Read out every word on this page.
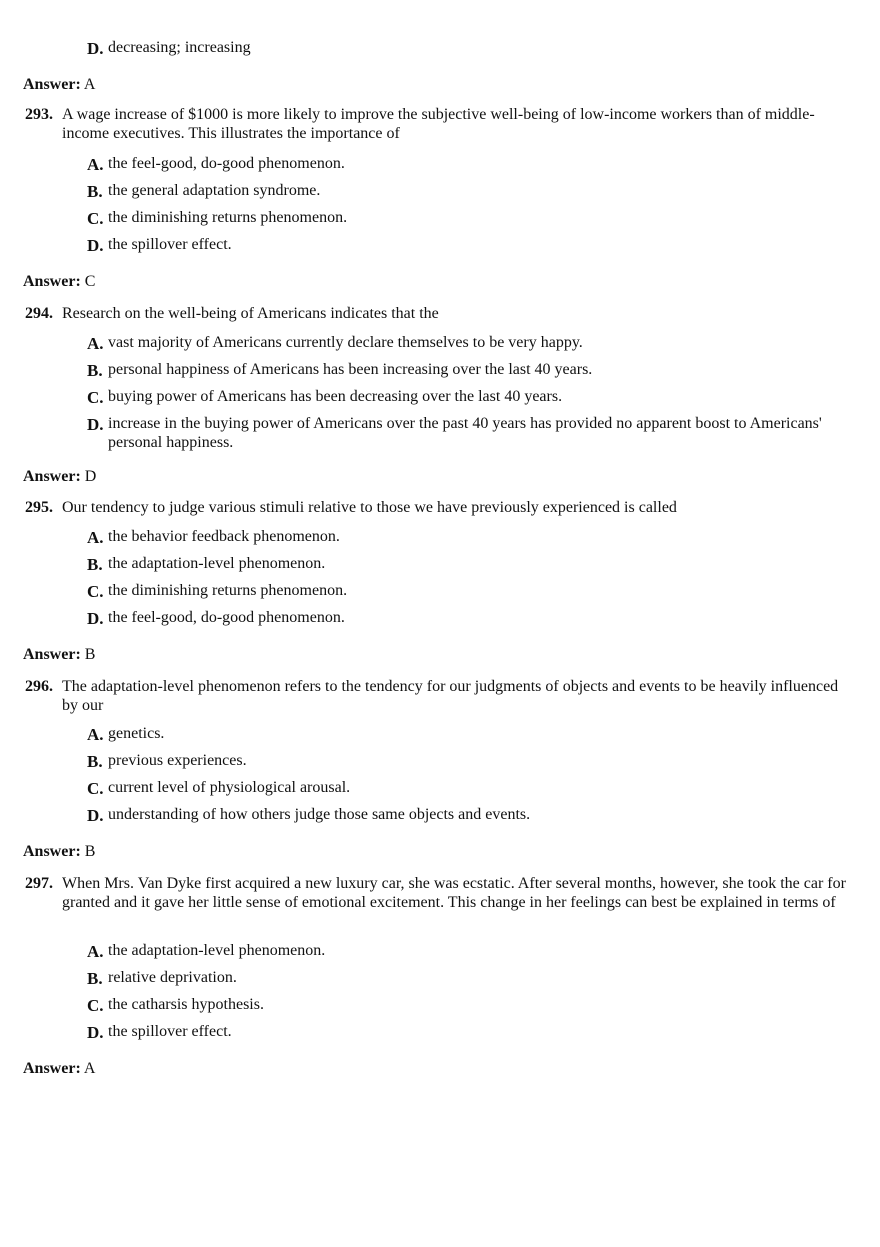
D. decreasing; increasing
Answer: A
293. A wage increase of $1000 is more likely to improve the subjective well-being of low-income workers than of middle-income executives. This illustrates the importance of
A. the feel-good, do-good phenomenon.
B. the general adaptation syndrome.
C. the diminishing returns phenomenon.
D. the spillover effect.
Answer: C
294. Research on the well-being of Americans indicates that the
A. vast majority of Americans currently declare themselves to be very happy.
B. personal happiness of Americans has been increasing over the last 40 years.
C. buying power of Americans has been decreasing over the last 40 years.
D. increase in the buying power of Americans over the past 40 years has provided no apparent boost to Americans' personal happiness.
Answer: D
295. Our tendency to judge various stimuli relative to those we have previously experienced is called
A. the behavior feedback phenomenon.
B. the adaptation-level phenomenon.
C. the diminishing returns phenomenon.
D. the feel-good, do-good phenomenon.
Answer: B
296. The adaptation-level phenomenon refers to the tendency for our judgments of objects and events to be heavily influenced by our
A. genetics.
B. previous experiences.
C. current level of physiological arousal.
D. understanding of how others judge those same objects and events.
Answer: B
297. When Mrs. Van Dyke first acquired a new luxury car, she was ecstatic. After several months, however, she took the car for granted and it gave her little sense of emotional excitement. This change in her feelings can best be explained in terms of
A. the adaptation-level phenomenon.
B. relative deprivation.
C. the catharsis hypothesis.
D. the spillover effect.
Answer: A
